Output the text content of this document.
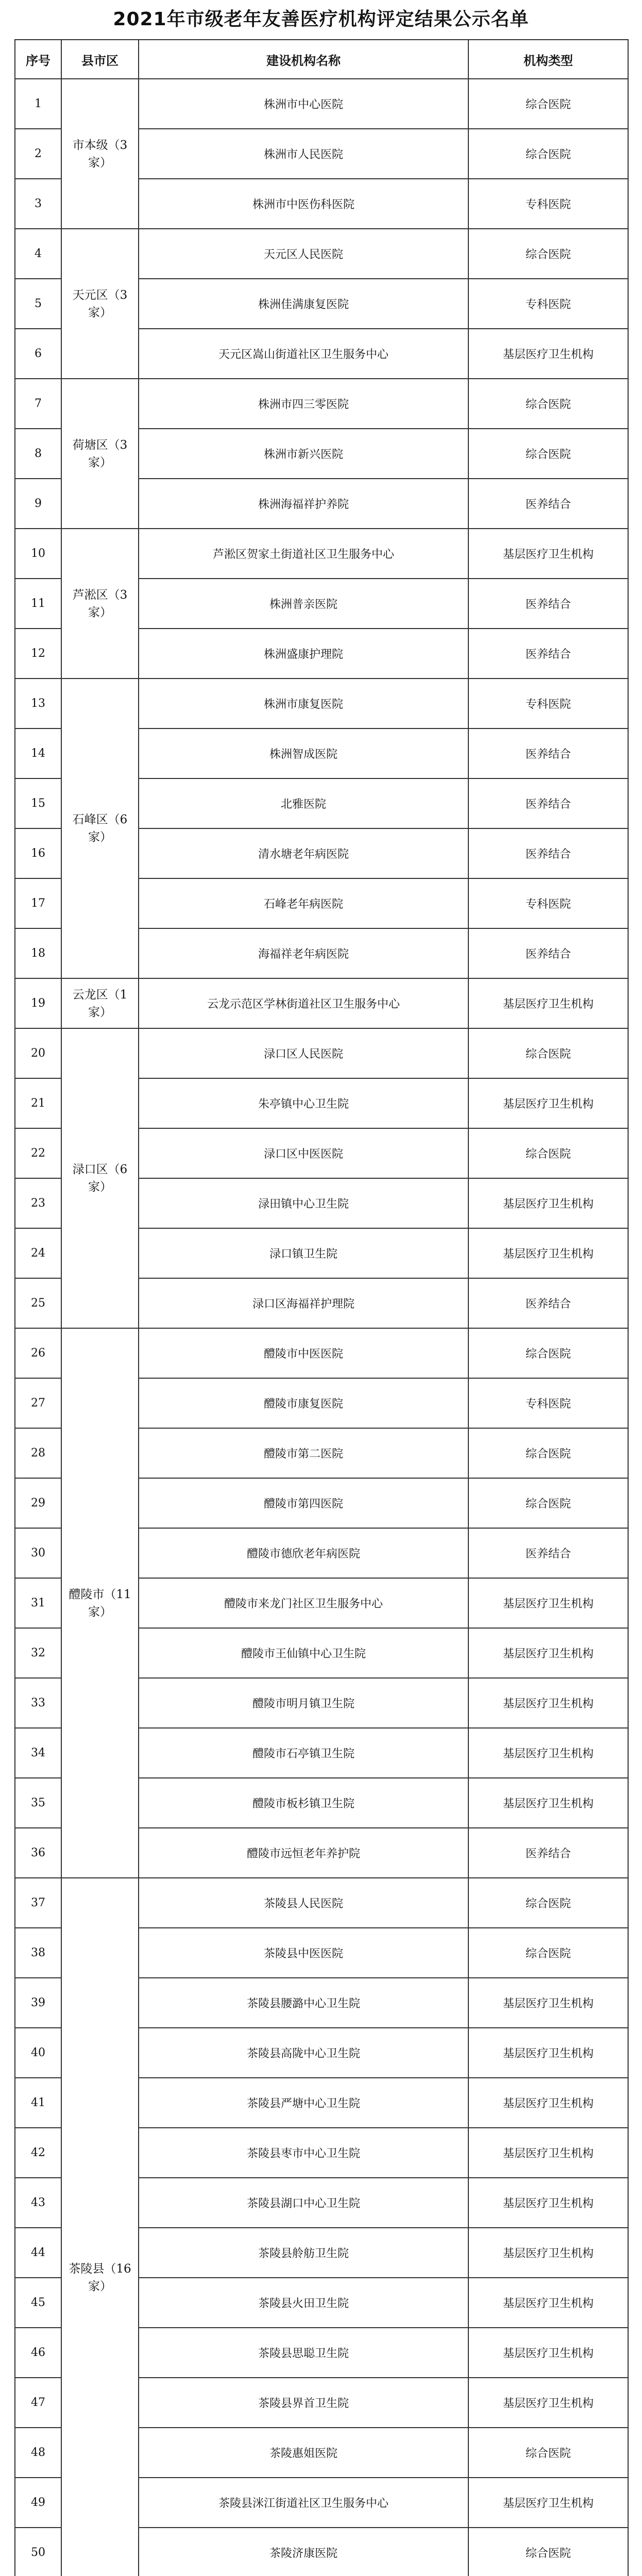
2021年市级老年友善医疗机构评定结果公示名单
序号	县市区	建设机构名称	机构类型
1	市本级（3家）	株洲市中心医院	综合医院
2		株洲市人民医院	综合医院
3		株洲市中医伤科医院	专科医院
4	天元区（3家）	天元区人民医院	综合医院
5		株洲佳满康复医院	专科医院
6		天元区嵩山街道社区卫生服务中心	基层医疗卫生机构
7	荷塘区（3家）	株洲市四三零医院	综合医院
8		株洲市新兴医院	综合医院
9		株洲海福祥护养院	医养结合
10	芦淞区（3家）	芦淞区贺家土街道社区卫生服务中心	基层医疗卫生机构
11		株洲普亲医院	医养结合
12		株洲盛康护理院	医养结合
13	石峰区（6家）	株洲市康复医院	专科医院
14		株洲智成医院	医养结合
15		北雅医院	医养结合
16		清水塘老年病医院	医养结合
17		石峰老年病医院	专科医院
18		海福祥老年病医院	医养结合
19	云龙区（1家）	云龙示范区学林街道社区卫生服务中心	基层医疗卫生机构
20	渌口区（6家）	渌口区人民医院	综合医院
21		朱亭镇中心卫生院	基层医疗卫生机构
22		渌口区中医医院	综合医院
23		渌田镇中心卫生院	基层医疗卫生机构
24		渌口镇卫生院	基层医疗卫生机构
25		渌口区海福祥护理院	医养结合
26	醴陵市（11家）	醴陵市中医医院	综合医院
27		醴陵市康复医院	专科医院
28		醴陵市第二医院	综合医院
29		醴陵市第四医院	综合医院
30		醴陵市德欣老年病医院	医养结合
31		醴陵市来龙门社区卫生服务中心	基层医疗卫生机构
32		醴陵市王仙镇中心卫生院	基层医疗卫生机构
33		醴陵市明月镇卫生院	基层医疗卫生机构
34		醴陵市石亭镇卫生院	基层医疗卫生机构
35		醴陵市板杉镇卫生院	基层医疗卫生机构
36		醴陵市远恒老年养护院	医养结合
37	茶陵县（16家）	茶陵县人民医院	综合医院
38		茶陵县中医医院	综合医院
39		茶陵县腰潞中心卫生院	基层医疗卫生机构
40		茶陵县高陇中心卫生院	基层医疗卫生机构
41		茶陵县严塘中心卫生院	基层医疗卫生机构
42		茶陵县枣市中心卫生院	基层医疗卫生机构
43		茶陵县湖口中心卫生院	基层医疗卫生机构
44		茶陵县舲舫卫生院	基层医疗卫生机构
45		茶陵县火田卫生院	基层医疗卫生机构
46		茶陵县思聪卫生院	基层医疗卫生机构
47		茶陵县界首卫生院	基层医疗卫生机构
48		茶陵惠姐医院	综合医院
49		茶陵县洣江街道社区卫生服务中心	基层医疗卫生机构
50		茶陵济康医院	综合医院
